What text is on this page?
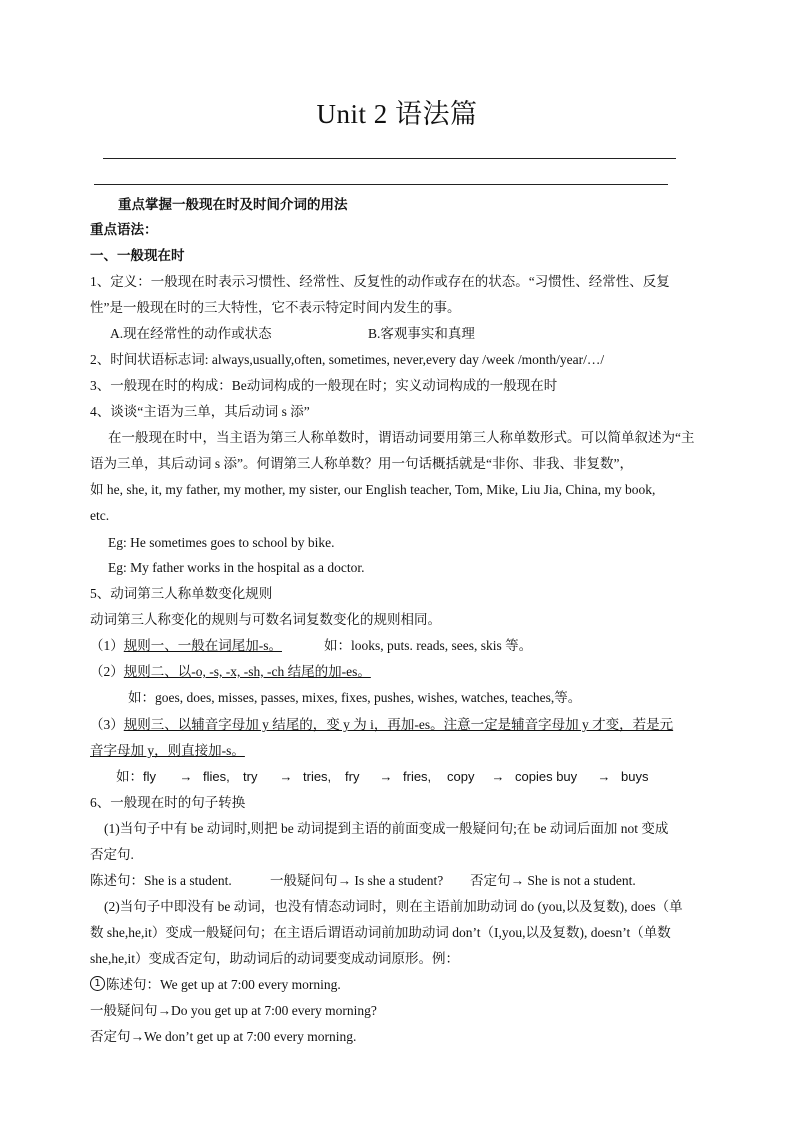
Unit 2 语法篇
重点掌握一般现在时及时间介词的用法
重点语法：
一、一般现在时
1、定义：一般现在时表示习惯性、经常性、反复性的动作或存在的状态。“习惯性、经常性、反复
性”是一般现在时的三大特性，它不表示特定时间内发生的事。
A.现在经常性的动作或状态	B.客观事实和真理
2、时间状语标志词: always,usually,often, sometimes, never,every day /week /month/year/…/
3、一般现在时的构成：Be动词构成的一般现在时；实义动词构成的一般现在时
4、谈谈“主语为三单，其后动词 s 添”
在一般现在时中，当主语为第三人称单数时，谓语动词要用第三人称单数形式。可以简单叙述为“主
语为三单，其后动词 s 添”。何谓第三人称单数？用一句话概括就是“非你、非我、非复数”，
如 he, she, it, my father, my mother, my sister, our English teacher, Tom, Mike, Liu Jia, China, my book,
etc.
Eg: He sometimes goes to school by bike.
Eg: My father works in the hospital as a doctor.
5、动词第三人称单数变化规则
动词第三人称变化的规则与可数名词复数变化的规则相同。
（1）规则一、一般在词尾加-s。	如：looks, puts. reads, sees, skis 等。
（2）规则二、以-o, -s, -x, -sh, -ch 结尾的加-es。
如：goes, does, misses, passes, mixes, fixes, pushes, wishes, watches, teaches,等。
（3）规则三、以辅音字母加 y 结尾的，变 y 为 i，再加-es。注意一定是辅音字母加 y 才变，若是元
音字母加 y，则直接加-s。
如：fly → flies, try → tries, fry → fries, copy → copies buy → buys
6、一般现在时的句子转换
(1)当句子中有 be 动词时,则把 be 动词提到主语的前面变成一般疑问句;在 be 动词后面加 not 变成
否定句.
陈述句：She is a student.	一般疑问句→ Is she a student? 否定句→ She is not a student.
(2)当句子中即没有 be 动词，也没有情态动词时，则在主语前加助动词 do (you,以及复数), does（单
数 she,he,it）变成一般疑问句；在主语后谓语动词前加助动词 don’t（I,you,以及复数), doesn’t（单数
she,he,it）变成否定句，助动词后的动词要变成动词原形。例：
1 陈述句：We get up at 7:00 every morning.
一般疑问句→Do you get up at 7:00 every morning?
否定句→We don’t get up at 7:00 every morning.
